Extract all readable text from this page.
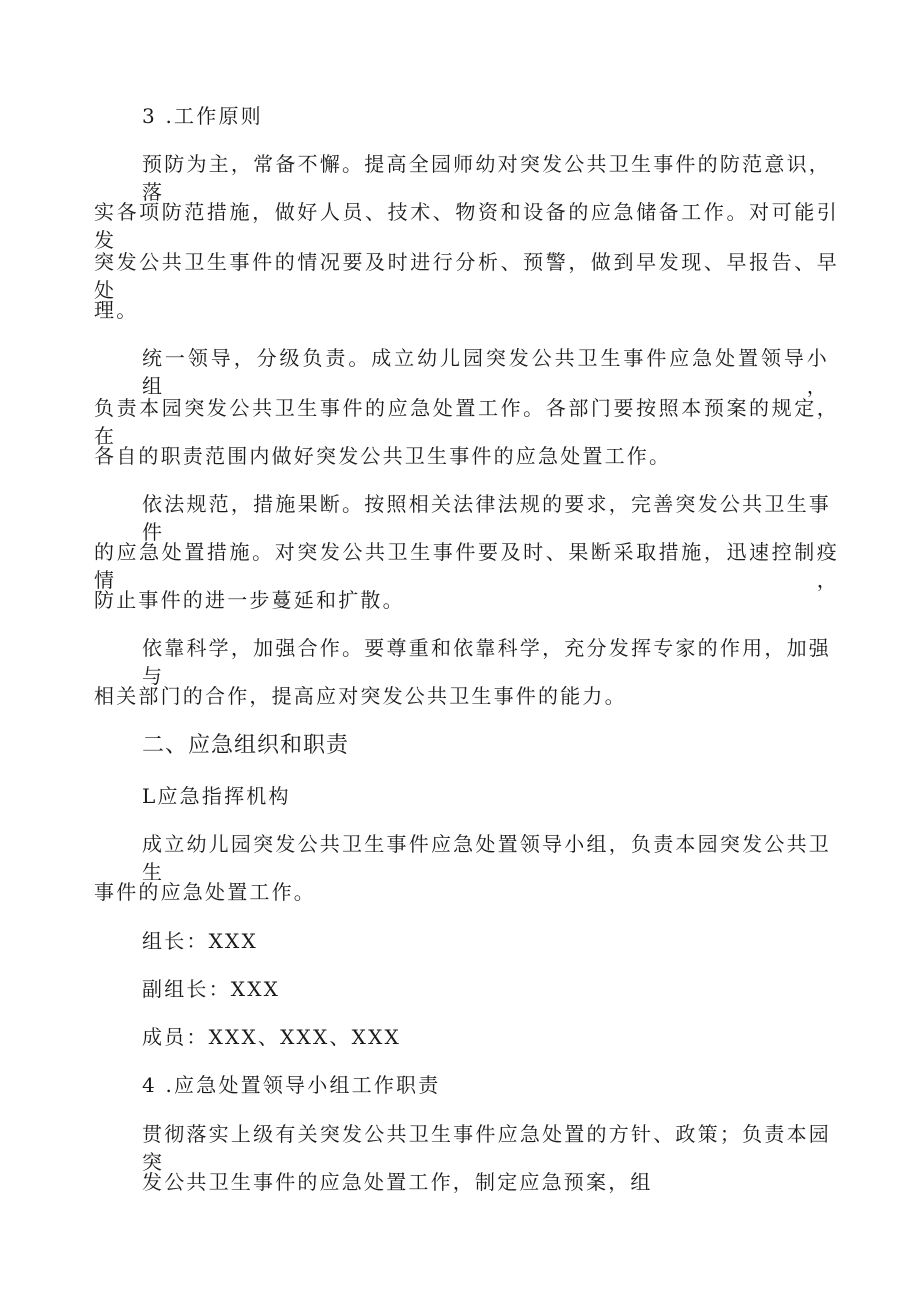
3 .工作原则
预防为主，常备不懈。提高全园师幼对突发公共卫生事件的防范意识，落
实各项防范措施，做好人员、技术、物资和设备的应急储备工作。对可能引发
突发公共卫生事件的情况要及时进行分析、预警，做到早发现、早报告、早处
理。
统一领导，分级负责。成立幼儿园突发公共卫生事件应急处置领导小组，
负责本园突发公共卫生事件的应急处置工作。各部门要按照本预案的规定，在
各自的职责范围内做好突发公共卫生事件的应急处置工作。
依法规范，措施果断。按照相关法律法规的要求，完善突发公共卫生事件
的应急处置措施。对突发公共卫生事件要及时、果断采取措施，迅速控制疫情，
防止事件的进一步蔓延和扩散。
依靠科学，加强合作。要尊重和依靠科学，充分发挥专家的作用，加强与
相关部门的合作，提高应对突发公共卫生事件的能力。
二、应急组织和职责
L应急指挥机构
成立幼儿园突发公共卫生事件应急处置领导小组，负责本园突发公共卫生
事件的应急处置工作。
组长：XXX
副组长：XXX
成员：XXX、XXX、XXX
4 .应急处置领导小组工作职责
贯彻落实上级有关突发公共卫生事件应急处置的方针、政策；负责本园突
发公共卫生事件的应急处置工作，制定应急预案，组
